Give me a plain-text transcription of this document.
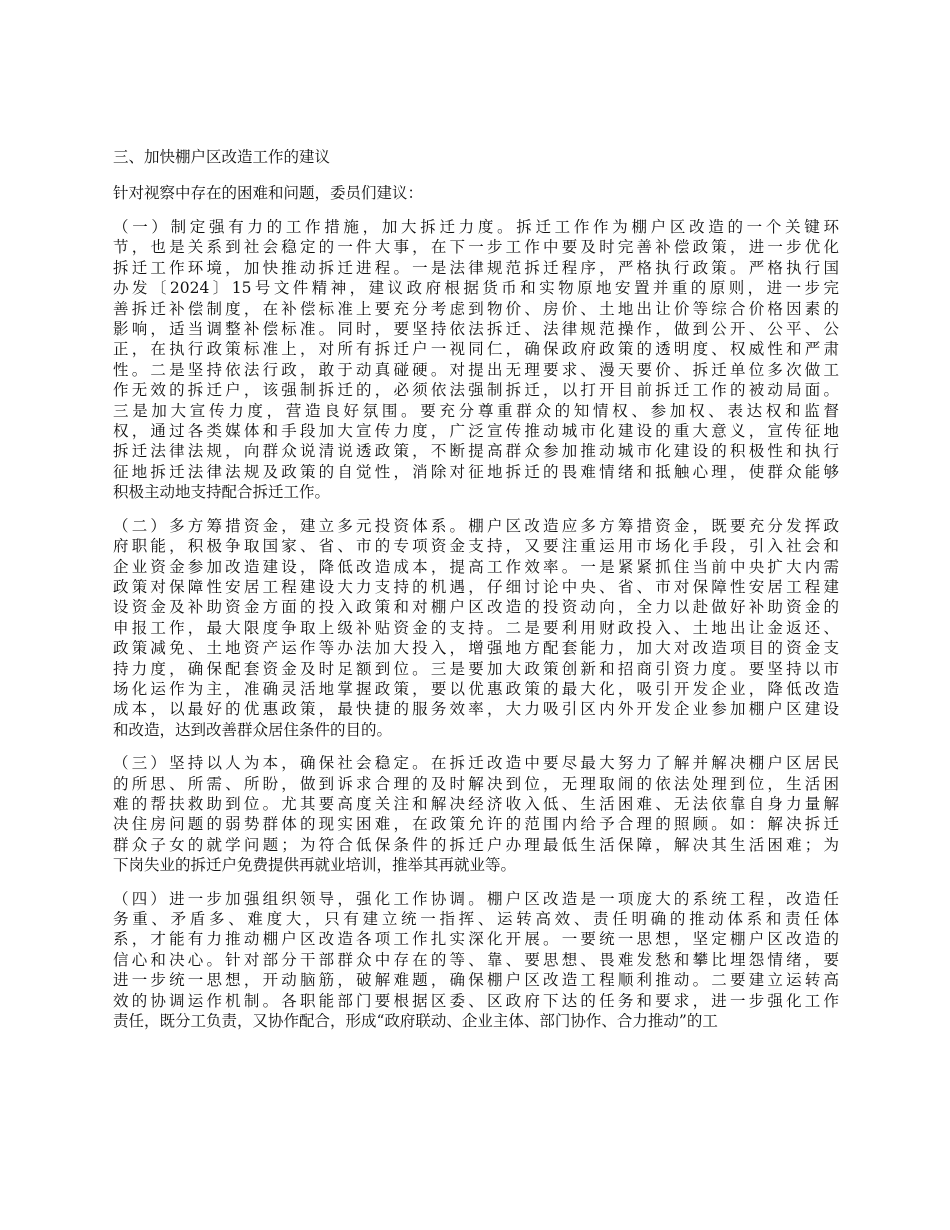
三、加快棚户区改造工作的建议
针对视察中存在的困难和问题，委员们建议：
（一）制定强有力的工作措施，加大拆迁力度。拆迁工作作为棚户区改造的一个关键环
节，也是关系到社会稳定的一件大事，在下一步工作中要及时完善补偿政策，进一步优化
拆迁工作环境，加快推动拆迁进程。一是法律规范拆迁程序，严格执行政策。严格执行国
办发〔2024〕15号文件精神，建议政府根据货币和实物原地安置并重的原则，进一步完
善拆迁补偿制度，在补偿标准上要充分考虑到物价、房价、土地出让价等综合价格因素的
影响，适当调整补偿标准。同时，要坚持依法拆迁、法律规范操作，做到公开、公平、公
正，在执行政策标准上，对所有拆迁户一视同仁，确保政府政策的透明度、权威性和严肃
性。二是坚持依法行政，敢于动真碰硬。对提出无理要求、漫天要价、拆迁单位多次做工
作无效的拆迁户，该强制拆迁的，必须依法强制拆迁，以打开目前拆迁工作的被动局面。
三是加大宣传力度，营造良好氛围。要充分尊重群众的知情权、参加权、表达权和监督
权，通过各类媒体和手段加大宣传力度，广泛宣传推动城市化建设的重大意义，宣传征地
拆迁法律法规，向群众说清说透政策，不断提高群众参加推动城市化建设的积极性和执行
征地拆迁法律法规及政策的自觉性，消除对征地拆迁的畏难情绪和抵触心理，使群众能够
积极主动地支持配合拆迁工作。
（二）多方筹措资金，建立多元投资体系。棚户区改造应多方筹措资金，既要充分发挥政
府职能，积极争取国家、省、市的专项资金支持，又要注重运用市场化手段，引入社会和
企业资金参加改造建设，降低改造成本，提高工作效率。一是紧紧抓住当前中央扩大内需
政策对保障性安居工程建设大力支持的机遇，仔细讨论中央、省、市对保障性安居工程建
设资金及补助资金方面的投入政策和对棚户区改造的投资动向，全力以赴做好补助资金的
申报工作，最大限度争取上级补贴资金的支持。二是要利用财政投入、土地出让金返还、
政策减免、土地资产运作等办法加大投入，增强地方配套能力，加大对改造项目的资金支
持力度，确保配套资金及时足额到位。三是要加大政策创新和招商引资力度。要坚持以市
场化运作为主，准确灵活地掌握政策，要以优惠政策的最大化，吸引开发企业，降低改造
成本，以最好的优惠政策，最快捷的服务效率，大力吸引区内外开发企业参加棚户区建设
和改造，达到改善群众居住条件的目的。
（三）坚持以人为本，确保社会稳定。在拆迁改造中要尽最大努力了解并解决棚户区居民
的所思、所需、所盼，做到诉求合理的及时解决到位，无理取闹的依法处理到位，生活困
难的帮扶救助到位。尤其要高度关注和解决经济收入低、生活困难、无法依靠自身力量解
决住房问题的弱势群体的现实困难，在政策允许的范围内给予合理的照顾。如：解决拆迁
群众子女的就学问题；为符合低保条件的拆迁户办理最低生活保障，解决其生活困难；为
下岗失业的拆迁户免费提供再就业培训，推举其再就业等。
（四）进一步加强组织领导，强化工作协调。棚户区改造是一项庞大的系统工程，改造任
务重、矛盾多、难度大，只有建立统一指挥、运转高效、责任明确的推动体系和责任体
系，才能有力推动棚户区改造各项工作扎实深化开展。一要统一思想，坚定棚户区改造的
信心和决心。针对部分干部群众中存在的等、靠、要思想、畏难发愁和攀比埋怨情绪，要
进一步统一思想，开动脑筋，破解难题，确保棚户区改造工程顺利推动。二要建立运转高
效的协调运作机制。各职能部门要根据区委、区政府下达的任务和要求，进一步强化工作
责任，既分工负责，又协作配合，形成“政府联动、企业主体、部门协作、合力推动”的工
